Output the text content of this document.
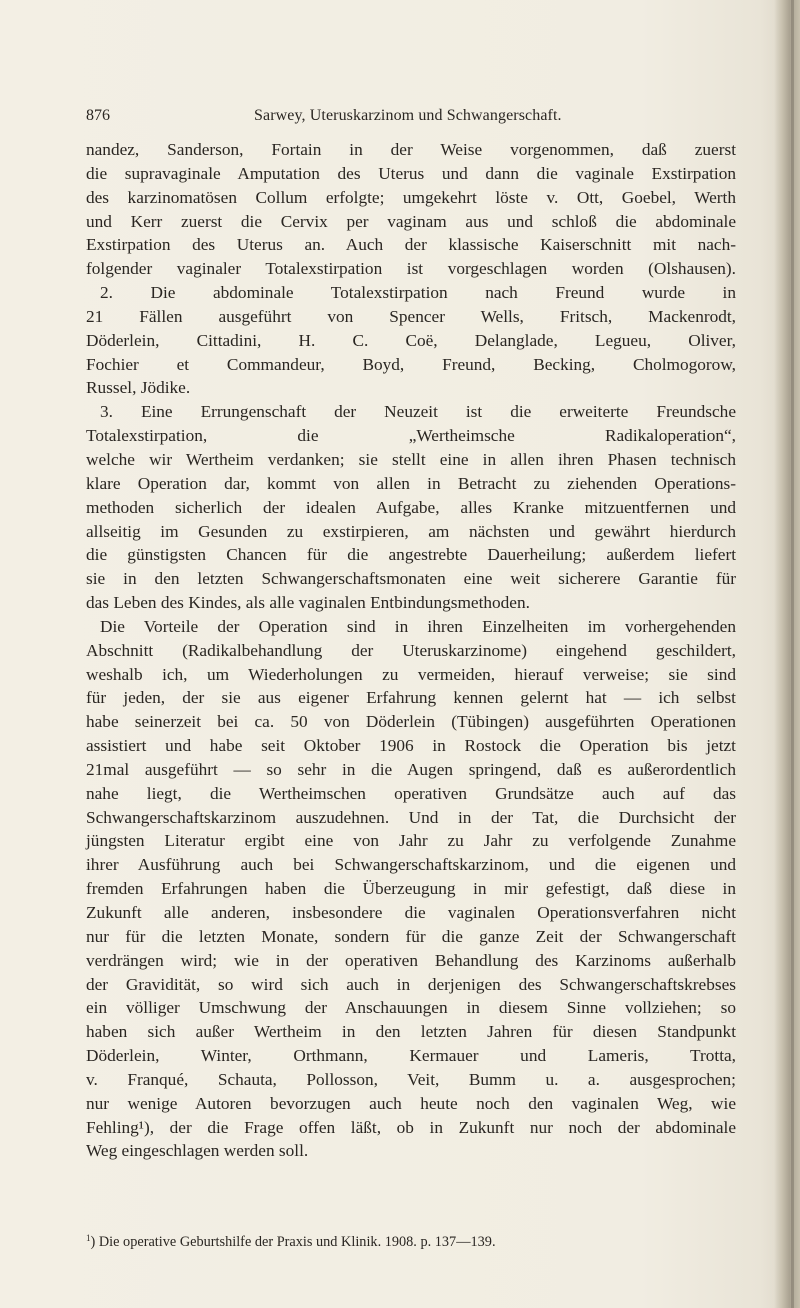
876	Sarwey, Uteruskarzinom und Schwangerschaft.
nandez, Sanderson, Fortain in der Weise vorgenommen, daß zuerst
die supravaginale Amputation des Uterus und dann die vaginale Exstirpation
des karzinomatösen Collum erfolgte; umgekehrt löste v. Ott, Goebel, Werth
und Kerr zuerst die Cervix per vaginam aus und schloß die abdominale
Exstirpation des Uterus an. Auch der klassische Kaiserschnitt mit nach-
folgender vaginaler Totalexstirpation ist vorgeschlagen worden (Olshausen).
2. Die abdominale Totalexstirpation nach Freund wurde in
21 Fällen ausgeführt von Spencer Wells, Fritsch, Mackenrodt,
Döderlein, Cittadini, H. C. Coë, Delanglade, Legueu, Oliver,
Fochier et Commandeur, Boyd, Freund, Becking, Cholmogorow,
Russel, Jödike.
3. Eine Errungenschaft der Neuzeit ist die erweiterte Freundsche
Totalexstirpation, die „Wertheimsche Radikaloperation“,
welche wir Wertheim verdanken; sie stellt eine in allen ihren Phasen technisch
klare Operation dar, kommt von allen in Betracht zu ziehenden Operations-
methoden sicherlich der idealen Aufgabe, alles Kranke mitzuentfernen und
allseitig im Gesunden zu exstirpieren, am nächsten und gewährt hierdurch
die günstigsten Chancen für die angestrebte Dauerheilung; außerdem liefert
sie in den letzten Schwangerschaftsmonaten eine weit sicherere Garantie für
das Leben des Kindes, als alle vaginalen Entbindungsmethoden.
Die Vorteile der Operation sind in ihren Einzelheiten im vorhergehenden
Abschnitt (Radikalbehandlung der Uteruskarzinome) eingehend geschildert,
weshalb ich, um Wiederholungen zu vermeiden, hierauf verweise; sie sind
für jeden, der sie aus eigener Erfahrung kennen gelernt hat — ich selbst
habe seinerzeit bei ca. 50 von Döderlein (Tübingen) ausgeführten Operationen
assistiert und habe seit Oktober 1906 in Rostock die Operation bis jetzt
21mal ausgeführt — so sehr in die Augen springend, daß es außerordentlich
nahe liegt, die Wertheimschen operativen Grundsätze auch auf das
Schwangerschaftskarzinom auszudehnen. Und in der Tat, die Durchsicht der
jüngsten Literatur ergibt eine von Jahr zu Jahr zu verfolgende Zunahme
ihrer Ausführung auch bei Schwangerschaftskarzinom, und die eigenen und
fremden Erfahrungen haben die Überzeugung in mir gefestigt, daß diese in
Zukunft alle anderen, insbesondere die vaginalen Operationsverfahren nicht
nur für die letzten Monate, sondern für die ganze Zeit der Schwangerschaft
verdrängen wird; wie in der operativen Behandlung des Karzinoms außerhalb
der Gravidität, so wird sich auch in derjenigen des Schwangerschaftskrebses
ein völliger Umschwung der Anschauungen in diesem Sinne vollziehen; so
haben sich außer Wertheim in den letzten Jahren für diesen Standpunkt
Döderlein, Winter, Orthmann, Kermauer und Lameris, Trotta,
v. Franqué, Schauta, Pollosson, Veit, Bumm u. a. ausgesprochen;
nur wenige Autoren bevorzugen auch heute noch den vaginalen Weg, wie
Fehling¹), der die Frage offen läßt, ob in Zukunft nur noch der abdominale
Weg eingeschlagen werden soll.
$^1$) Die operative Geburtshilfe der Praxis und Klinik. 1908. p. 137—139.
